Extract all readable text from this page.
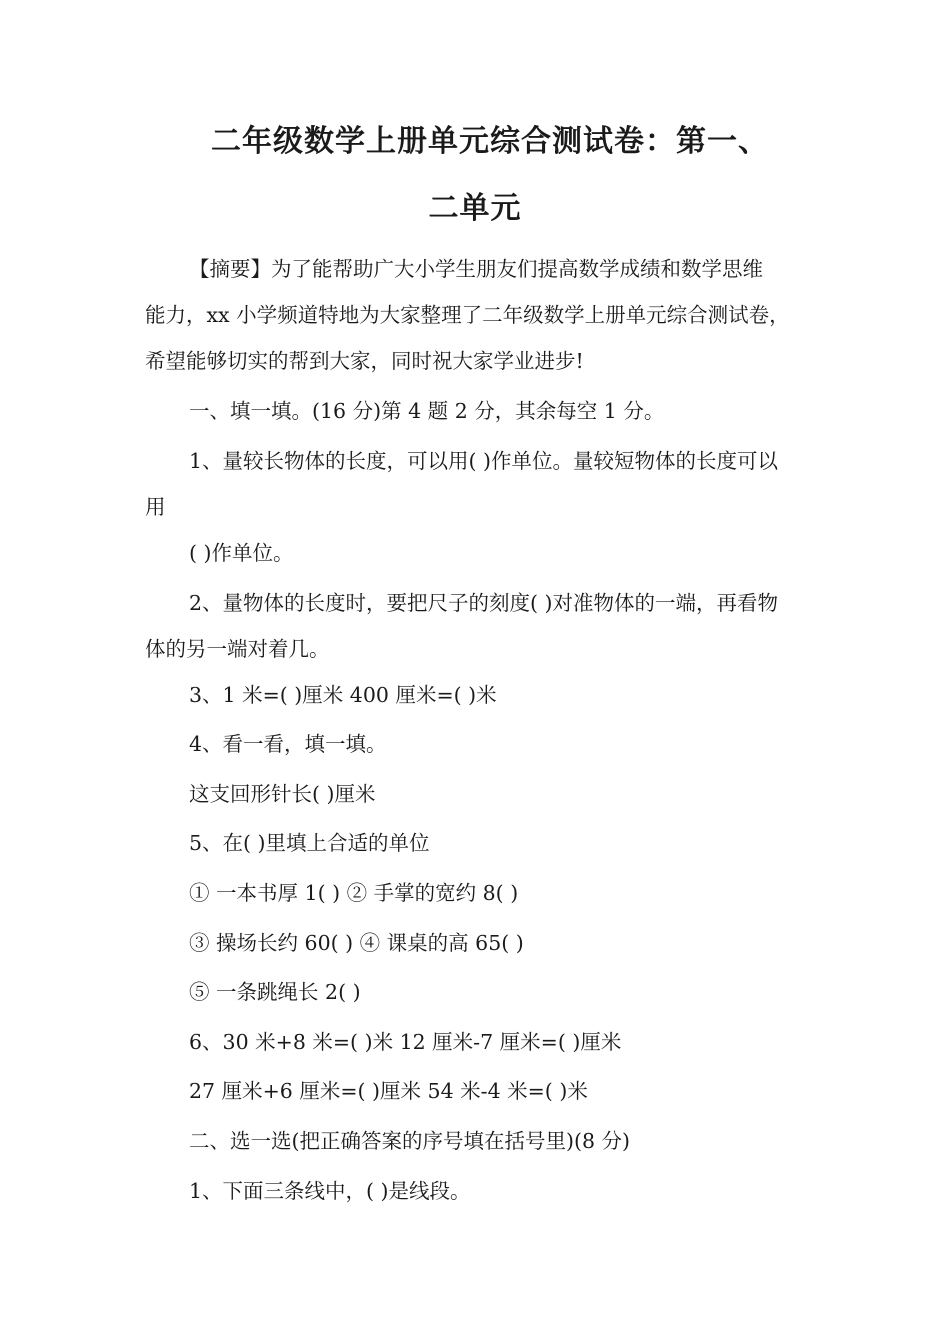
二年级数学上册单元综合测试卷：第一、
二单元
【摘要】为了能帮助广大小学生朋友们提高数学成绩和数学思维
能力，xx 小学频道特地为大家整理了二年级数学上册单元综合测试卷，
希望能够切实的帮到大家，同时祝大家学业进步!
一、填一填。(16 分)第 4 题 2 分，其余每空 1 分。
1、量较长物体的长度，可以用( )作单位。量较短物体的长度可以
用
( )作单位。
2、量物体的长度时，要把尺子的刻度( )对准物体的一端，再看物
体的另一端对着几。
3、1 米=( )厘米 400 厘米=( )米
4、看一看，填一填。
这支回形针长( )厘米
5、在( )里填上合适的单位
① 一本书厚 1( ) ② 手掌的宽约 8( )
③ 操场长约 60( ) ④ 课桌的高 65( )
⑤ 一条跳绳长 2( )
6、30 米+8 米=( )米 12 厘米-7 厘米=( )厘米
27 厘米+6 厘米=( )厘米 54 米-4 米=( )米
二、选一选(把正确答案的序号填在括号里)(8 分)
1、下面三条线中，( )是线段。
